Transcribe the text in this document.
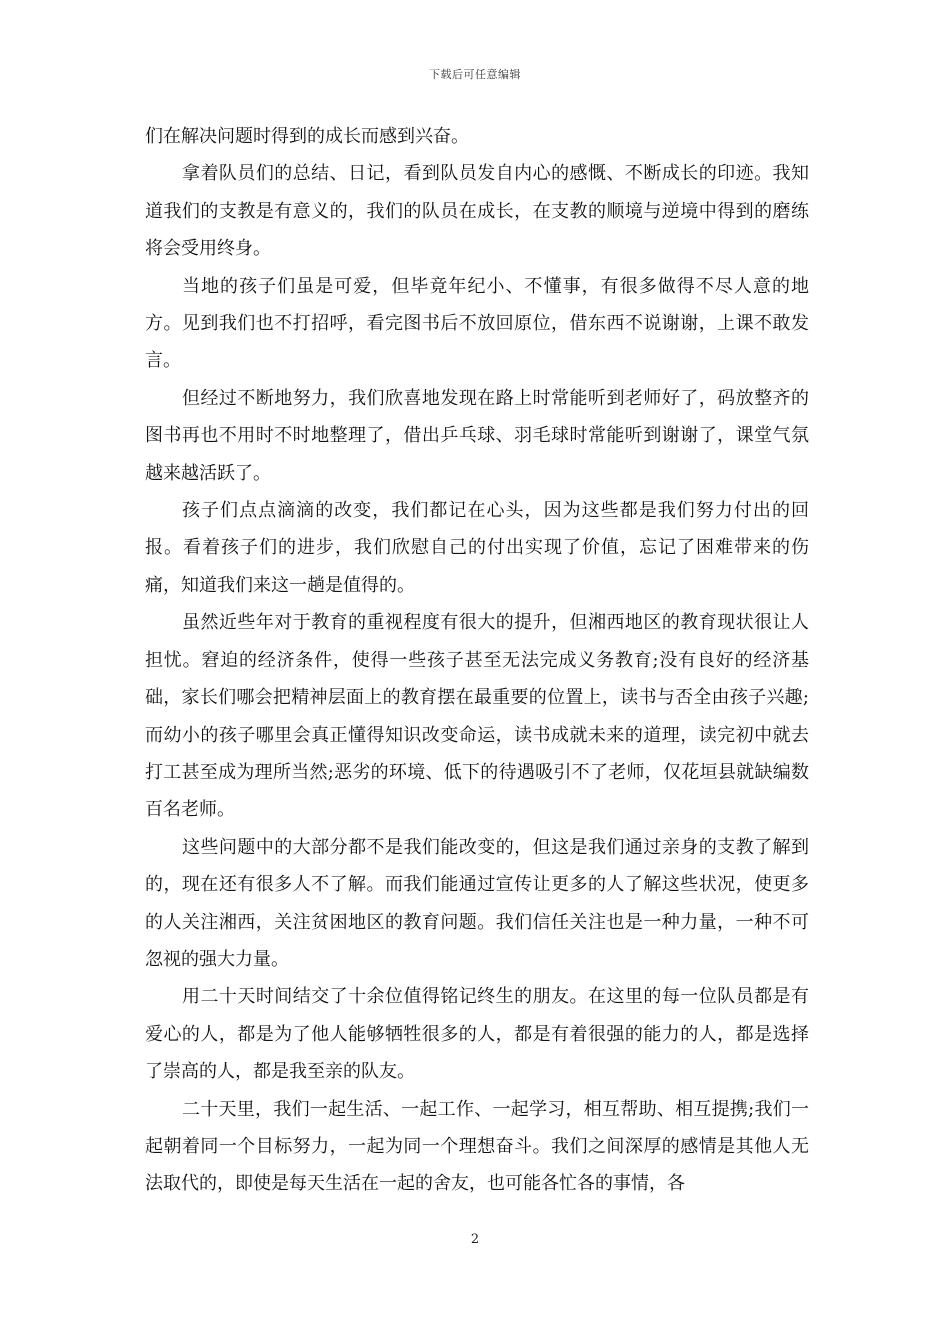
下载后可任意编辑

们在解决问题时得到的成长而感到兴奋。

拿着队员们的总结、日记，看到队员发自内心的感慨、不断成长的印迹。我知道我们的支教是有意义的，我们的队员在成长，在支教的顺境与逆境中得到的磨练将会受用终身。

当地的孩子们虽是可爱，但毕竟年纪小、不懂事，有很多做得不尽人意的地方。见到我们也不打招呼，看完图书后不放回原位，借东西不说谢谢，上课不敢发言。

但经过不断地努力，我们欣喜地发现在路上时常能听到老师好了，码放整齐的图书再也不用时不时地整理了，借出乒乓球、羽毛球时常能听到谢谢了，课堂气氛越来越活跃了。

孩子们点点滴滴的改变，我们都记在心头，因为这些都是我们努力付出的回报。看着孩子们的进步，我们欣慰自己的付出实现了价值，忘记了困难带来的伤痛，知道我们来这一趟是值得的。

虽然近些年对于教育的重视程度有很大的提升，但湘西地区的教育现状很让人担忧。窘迫的经济条件，使得一些孩子甚至无法完成义务教育;没有良好的经济基础，家长们哪会把精神层面上的教育摆在最重要的位置上，读书与否全由孩子兴趣;而幼小的孩子哪里会真正懂得知识改变命运，读书成就未来的道理，读完初中就去打工甚至成为理所当然;恶劣的环境、低下的待遇吸引不了老师，仅花垣县就缺编数百名老师。

这些问题中的大部分都不是我们能改变的，但这是我们通过亲身的支教了解到的，现在还有很多人不了解。而我们能通过宣传让更多的人了解这些状况，使更多的人关注湘西，关注贫困地区的教育问题。我们信任关注也是一种力量，一种不可忽视的强大力量。

用二十天时间结交了十余位值得铭记终生的朋友。在这里的每一位队员都是有爱心的人，都是为了他人能够牺牲很多的人，都是有着很强的能力的人，都是选择了崇高的人，都是我至亲的队友。

二十天里，我们一起生活、一起工作、一起学习，相互帮助、相互提携;我们一起朝着同一个目标努力，一起为同一个理想奋斗。我们之间深厚的感情是其他人无法取代的，即使是每天生活在一起的舍友，也可能各忙各的事情，各

2
